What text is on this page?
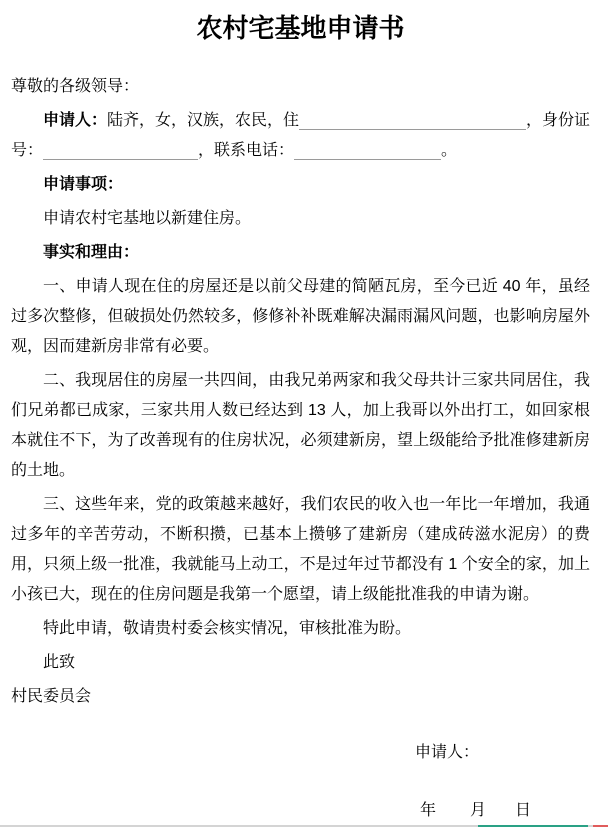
农村宅基地申请书

尊敬的各级领导：

申请人： 陆齐，女，汉族，农民，住	，身份证
号：	，联系电话：	。

申请事项：

申请农村宅基地以新建住房。

事实和理由：

一、申请人现在住的房屋还是以前父母建的简陋瓦房，至今已近 40 年，虽经过多次整修，但破损处仍然较多，修修补补既难解决漏雨漏风问题，也影响房屋外观，因而建新房非常有必要。

二、我现居住的房屋一共四间，由我兄弟两家和我父母共计三家共同居住，我们兄弟都已成家，三家共用人数已经达到 13 人，加上我哥以外出打工，如回家根本就住不下，为了改善现有的住房状况，必须建新房，望上级能给予批准修建新房的土地。

三、这些年来，党的政策越来越好，我们农民的收入也一年比一年增加，我通过多年的辛苦劳动，不断积攒，已基本上攒够了建新房（建成砖滋水泥房）的费用，只须上级一批准，我就能马上动工，不是过年过节都没有 1 个安全的家，加上小孩已大，现在的住房问题是我第一个愿望，请上级能批准我的申请为谢。

特此申请，敬请贵村委会核实情况，审核批准为盼。

此致

村民委员会

申请人：
年 月 日
